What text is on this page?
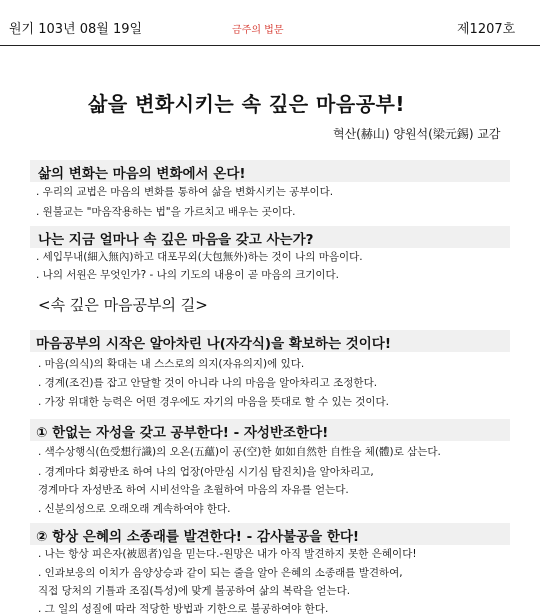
원기 103년 08월 19일	금주의 법문	제1207호
삶을 변화시키는 속 깊은 마음공부!
혁산(赫山) 양원석(梁元錫) 교감
삶의 변화는 마음의 변화에서 온다!
. 우리의 교법은 마음의 변화를 통하여 삶을 변화시키는 공부이다.
. 원불교는 "마음작용하는 법"을 가르치고 배우는 곳이다.
나는 지금 얼마나 속 깊은 마음을 갖고 사는가?
. 세입무내(細入無內)하고 대포무외(大包無外)하는 것이 나의 마음이다.
. 나의 서원은 무엇인가? - 나의 기도의 내용이 곧 마음의 크기이다.
<속 깊은 마음공부의 길>
마음공부의 시작은 알아차린 나(자각식)을 확보하는 것이다!
. 마음(의식)의 확대는 내 스스로의 의지(자유의지)에 있다.
. 경계(조건)를 잡고 안달할 것이 아니라 나의 마음을 알아차리고 조정한다.
. 가장 위대한 능력은 어떤 경우에도 자기의 마음을 뜻대로 할 수 있는 것이다.
① 한없는 자성을 갖고 공부한다! - 자성반조한다!
. 색수상행식(色受想行識)의 오온(五蘊)이 공(空)한 如如自然한 自性을 체(體)로 삼는다.
. 경계마다 회광반조 하여 나의 업장(아만심 시기심 탐진치)을 알아차리고,
경계마다 자성반조 하여 시비선악을 초월하여 마음의 자유를 얻는다.
. 신분의성으로 오래오래 계속하여야 한다.
② 항상 은혜의 소종래를 발견한다! - 감사불공을 한다!
. 나는 항상 피은자(被恩者)임을 믿는다.-원망은 내가 아직 발견하지 못한 은혜이다!
. 인과보응의 이치가 음양상승과 같이 되는 줄을 알아 은혜의 소종래를 발견하여,
직접 당처의 기틀과 조짐(특성)에 맞게 불공하여 삶의 복락을 얻는다.
. 그 일의 성질에 따라 적당한 방법과 기한으로 불공하여야 한다.
